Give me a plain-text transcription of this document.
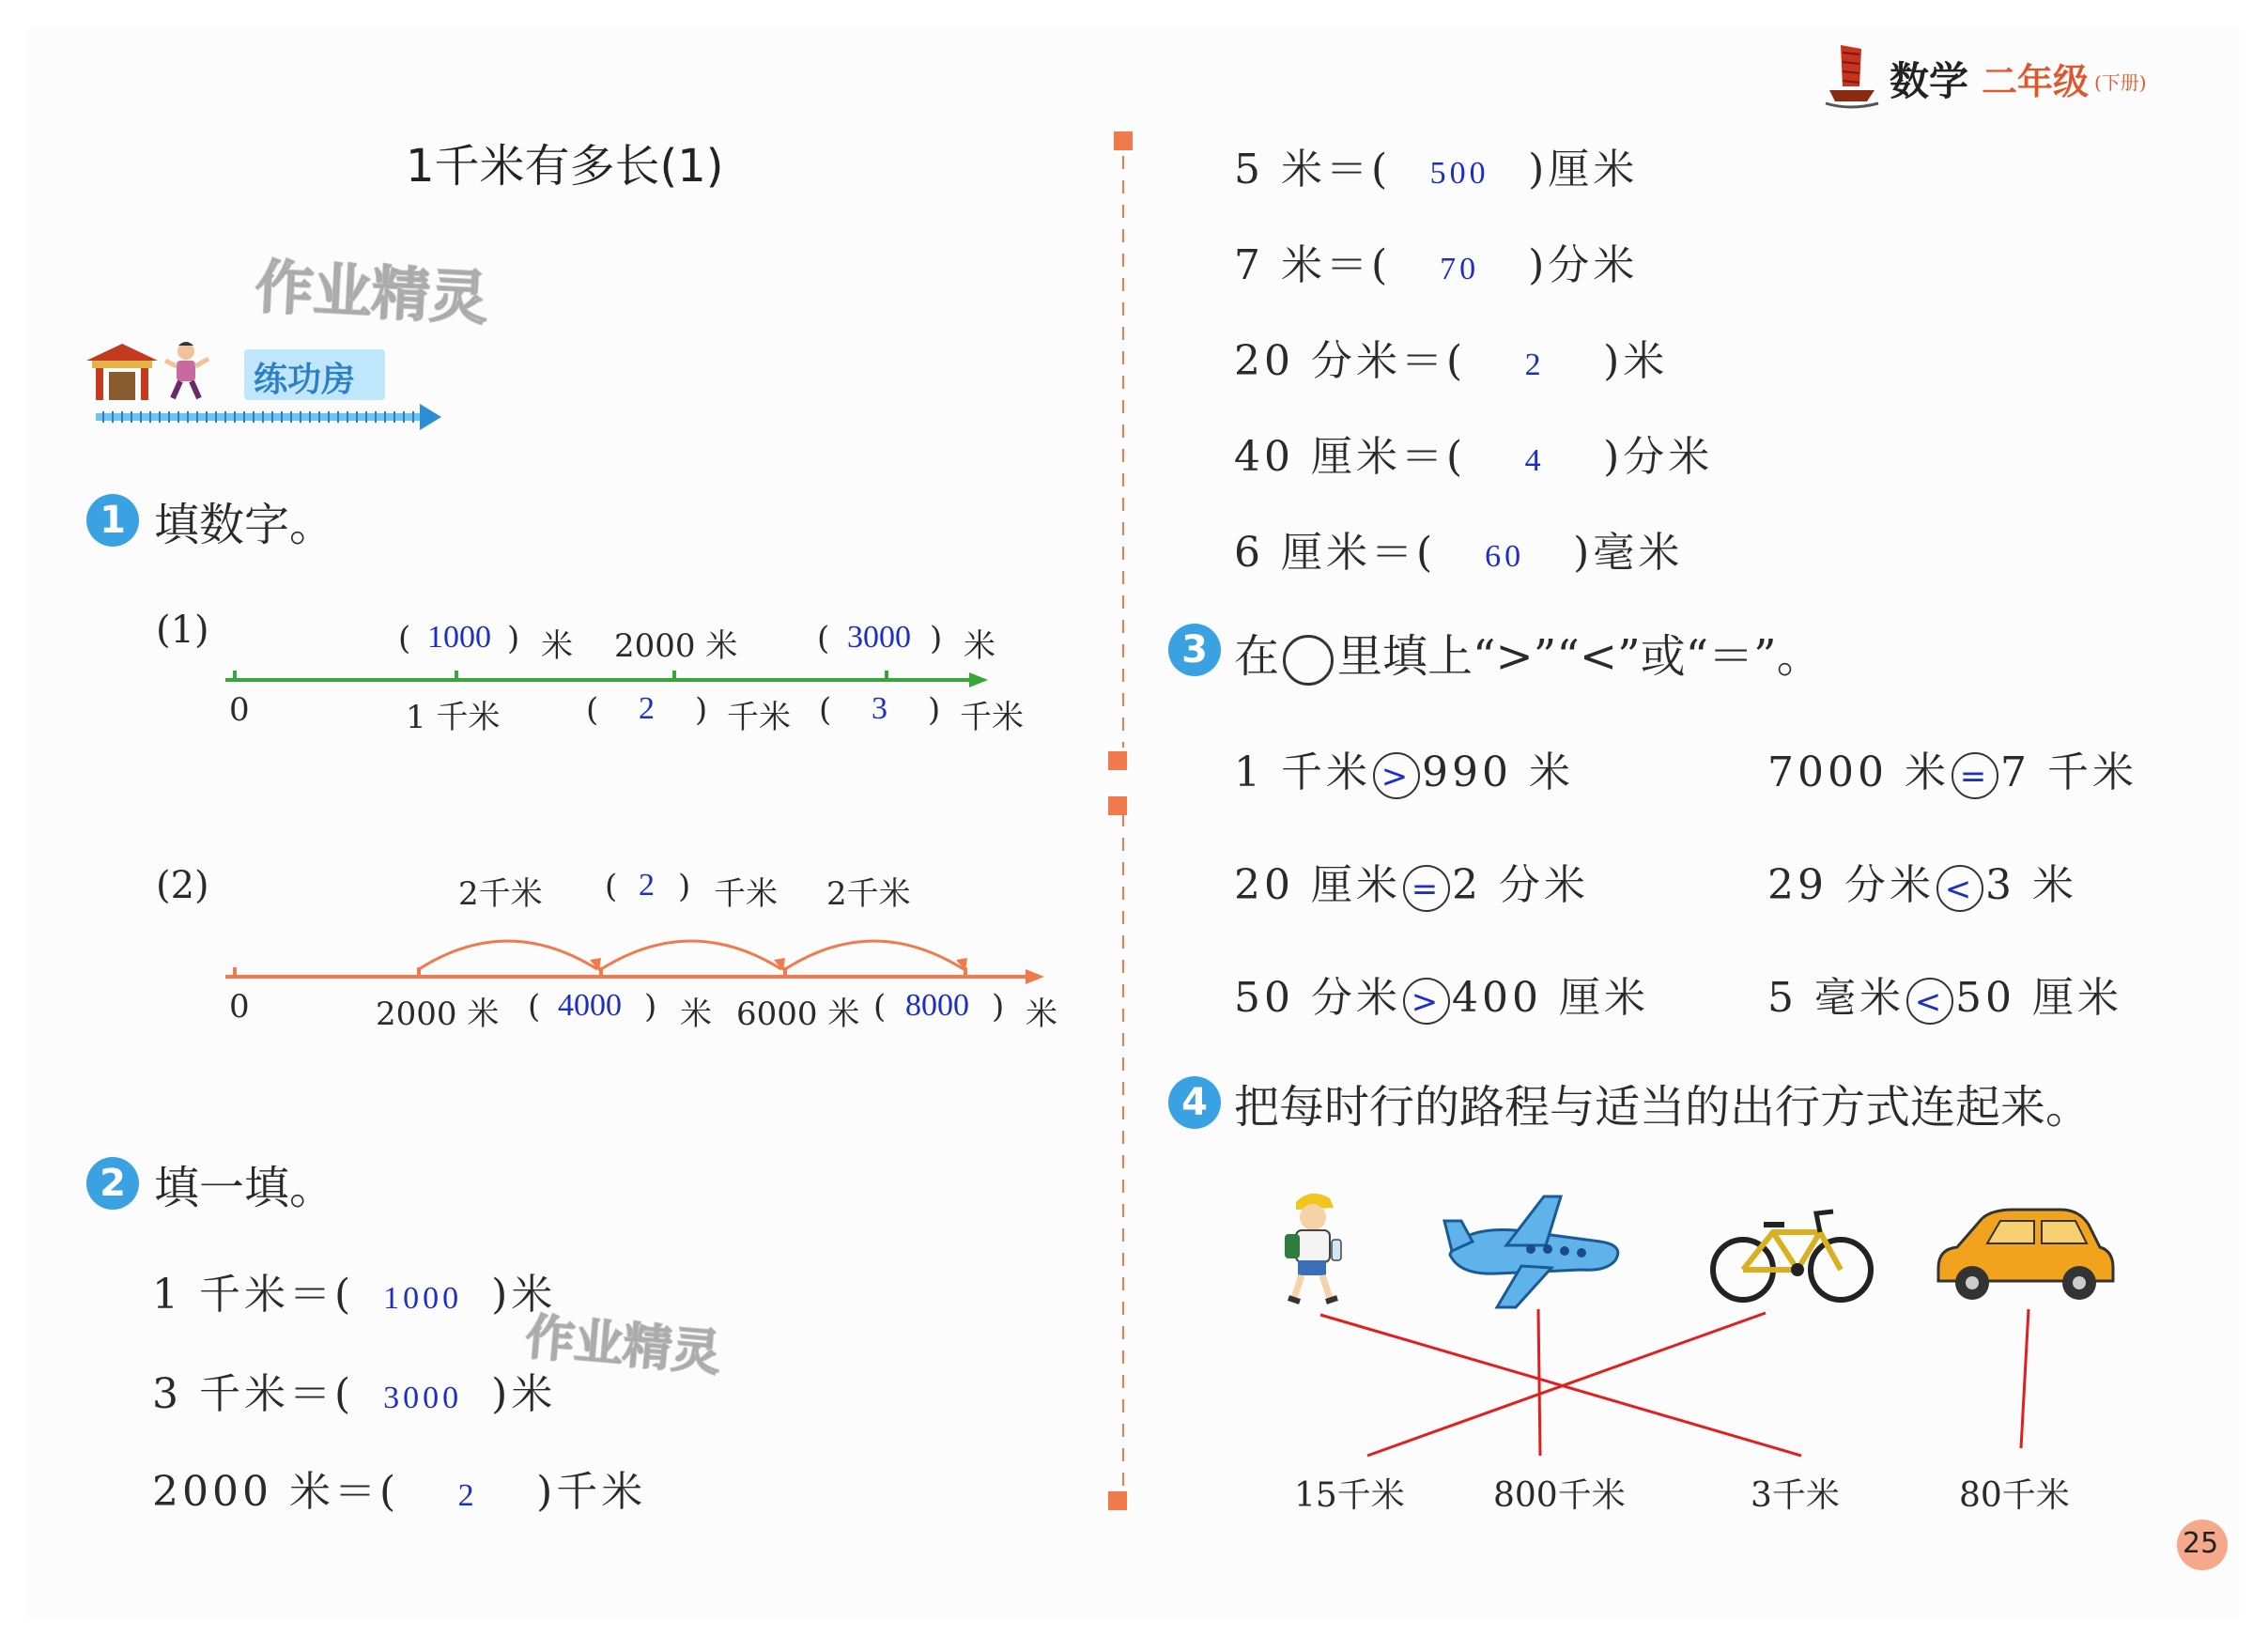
数学 二年级 (下册)
作业精灵
作业精灵
1千米有多长(1)
练功房
1 填数字。
(1)	( 1000 ) 米 2000 米 ( 3000 ) 米
0	1 千米	( 2 ) 千米 ( 3 ) 千米
(2)	2千米 ( 2 ) 千米 2千米
0	2000 米 ( 4000 ) 米 6000 米 ( 8000 ) 米
2 填一填。
1 千米＝( 1000 )米
3 千米＝( 3000 )米
2000 米＝( 2 )千米
5 米＝( 500 )厘米
7 米＝( 70 )分米
20 分米＝( 2 )米
40 厘米＝( 4 )分米
6 厘米＝( 60 )毫米
3 在 里填上“>”“<”或“＝”。
1 千米 > 990 米	7000 米 = 7 千米
20 厘米 = 2 分米	29 分米 < 3 米
50 分米 > 400 厘米	5 毫米 < 50 厘米
4 把每时行的路程与适当的出行方式连起来。
15千米	800千米	3千米	80千米
25
